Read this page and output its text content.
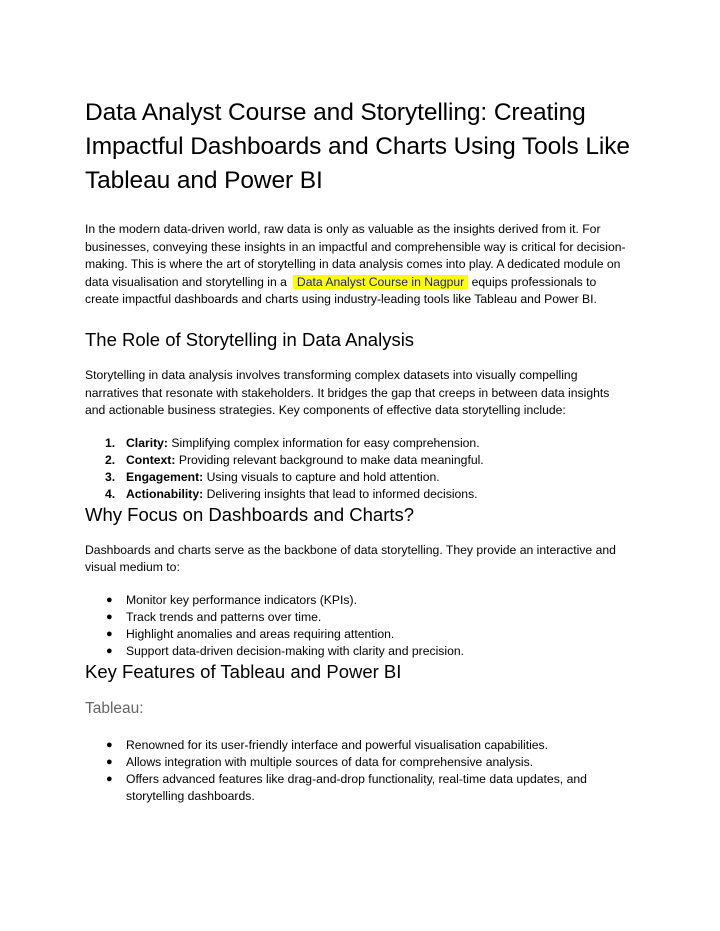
Data Analyst Course and Storytelling: Creating Impactful Dashboards and Charts Using Tools Like Tableau and Power BI

In the modern data-driven world, raw data is only as valuable as the insights derived from it. For businesses, conveying these insights in an impactful and comprehensible way is critical for decision-making. This is where the art of storytelling in data analysis comes into play. A dedicated module on data visualisation and storytelling in a Data Analyst Course in Nagpur equips professionals to create impactful dashboards and charts using industry-leading tools like Tableau and Power BI.

The Role of Storytelling in Data Analysis

Storytelling in data analysis involves transforming complex datasets into visually compelling narratives that resonate with stakeholders. It bridges the gap that creeps in between data insights and actionable business strategies. Key components of effective data storytelling include:

1. Clarity: Simplifying complex information for easy comprehension.
2. Context: Providing relevant background to make data meaningful.
3. Engagement: Using visuals to capture and hold attention.
4. Actionability: Delivering insights that lead to informed decisions.
Why Focus on Dashboards and Charts?

Dashboards and charts serve as the backbone of data storytelling. They provide an interactive and visual medium to:

● Monitor key performance indicators (KPIs).
● Track trends and patterns over time.
● Highlight anomalies and areas requiring attention.
● Support data-driven decision-making with clarity and precision.
Key Features of Tableau and Power BI
Tableau:
● Renowned for its user-friendly interface and powerful visualisation capabilities.
● Allows integration with multiple sources of data for comprehensive analysis.
● Offers advanced features like drag-and-drop functionality, real-time data updates, and storytelling dashboards.
